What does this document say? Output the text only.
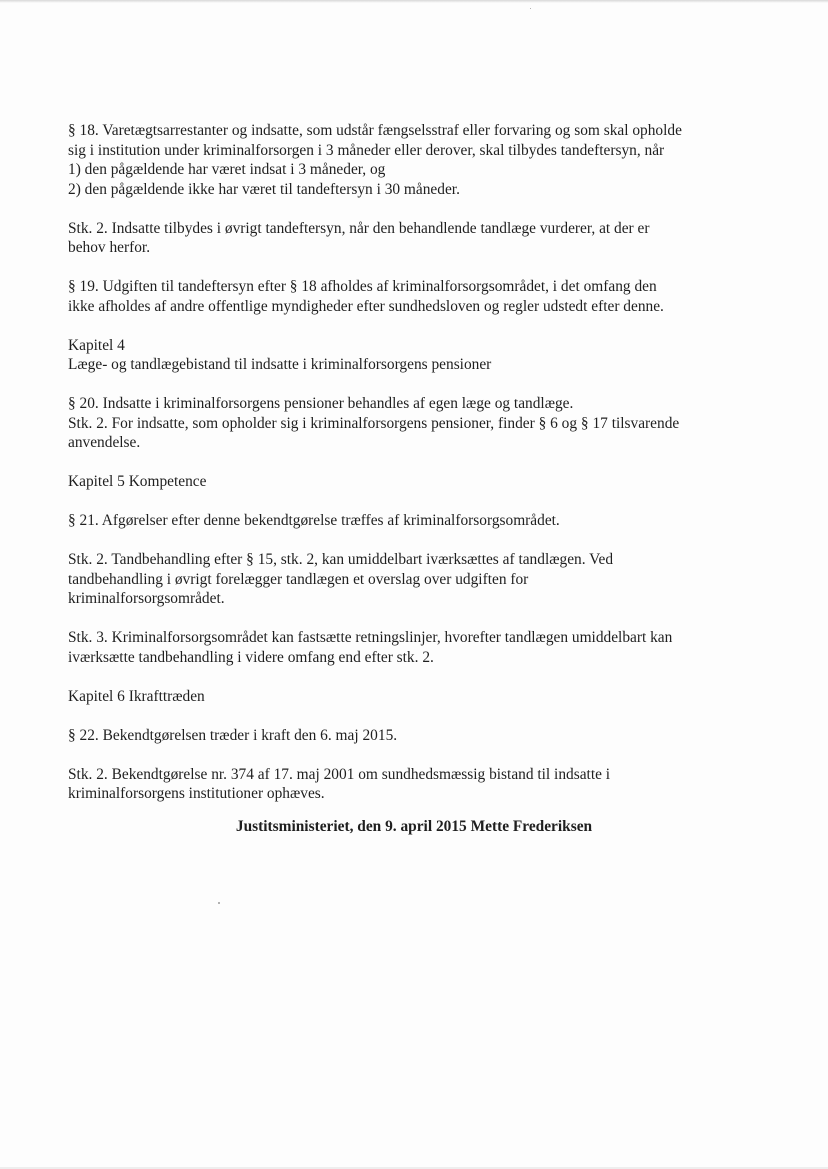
§ 18. Varetægtsarrestanter og indsatte, som udstår fængselsstraf eller forvaring og som skal opholde
sig i institution under kriminalforsorgen i 3 måneder eller derover, skal tilbydes tandeftersyn, når
1) den pågældende har været indsat i 3 måneder, og
2) den pågældende ikke har været til tandeftersyn i 30 måneder.

Stk. 2. Indsatte tilbydes i øvrigt tandeftersyn, når den behandlende tandlæge vurderer, at der er
behov herfor.

§ 19. Udgiften til tandeftersyn efter § 18 afholdes af kriminalforsorgsområdet, i det omfang den
ikke afholdes af andre offentlige myndigheder efter sundhedsloven og regler udstedt efter denne.

Kapitel 4
Læge- og tandlægebistand til indsatte i kriminalforsorgens pensioner

§ 20. Indsatte i kriminalforsorgens pensioner behandles af egen læge og tandlæge.
Stk. 2. For indsatte, som opholder sig i kriminalforsorgens pensioner, finder § 6 og § 17 tilsvarende
anvendelse.

Kapitel 5 Kompetence

§ 21. Afgørelser efter denne bekendtgørelse træffes af kriminalforsorgsområdet.

Stk. 2. Tandbehandling efter § 15, stk. 2, kan umiddelbart iværksættes af tandlægen. Ved
tandbehandling i øvrigt forelægger tandlægen et overslag over udgiften for
kriminalforsorgsområdet.

Stk. 3. Kriminalforsorgsområdet kan fastsætte retningslinjer, hvorefter tandlægen umiddelbart kan
iværksætte tandbehandling i videre omfang end efter stk. 2.

Kapitel 6 Ikrafttræden

§ 22. Bekendtgørelsen træder i kraft den 6. maj 2015.

Stk. 2. Bekendtgørelse nr. 374 af 17. maj 2001 om sundhedsmæssig bistand til indsatte i
kriminalforsorgens institutioner ophæves.

Justitsministeriet, den 9. april 2015 Mette Frederiksen
